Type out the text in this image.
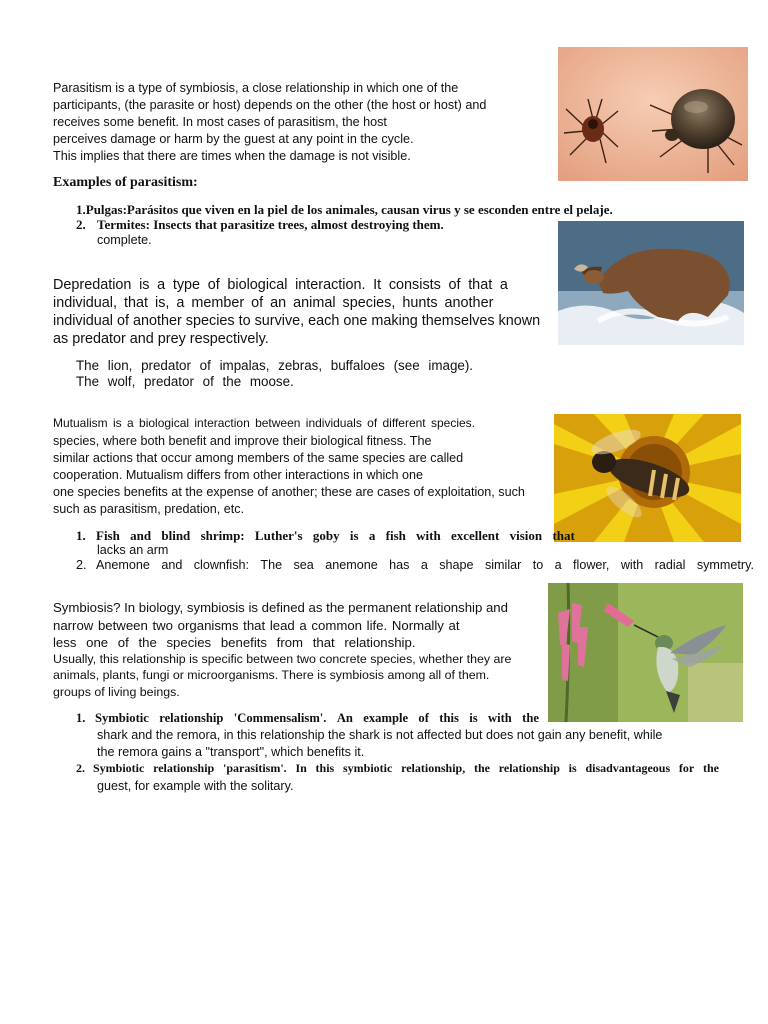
Parasitism is a type of symbiosis, a close relationship in which one of the
participants, (the parasite or host) depends on the other (the host or host) and
receives some benefit. In most cases of parasitism, the host
perceives damage or harm by the guest at any point in the cycle.
This implies that there are times when the damage is not visible.
Examples of parasitism:
1.Pulgas:Parásitos que viven en la piel de los animales, causan virus y se esconden entre el pelaje.
2. Termites: Insects that parasitize trees, almost destroying them.
complete.
Depredation is a type of biological interaction. It consists of that a
individual, that is, a member of an animal species, hunts another
individual of another species to survive, each one making themselves known
as predator and prey respectively.
The lion, predator of impalas, zebras, buffaloes (see image).
The wolf, predator of the moose.
Mutualism is a biological interaction between individuals of different species.
species, where both benefit and improve their biological fitness. The
similar actions that occur among members of the same species are called
cooperation. Mutualism differs from other interactions in which one
one species benefits at the expense of another; these are cases of exploitation, such
such as parasitism, predation, etc.
1. Fish and blind shrimp: Luther's goby is a fish with excellent vision that
lacks an arm
2. Anemone and clownfish: The sea anemone has a shape similar to a flower, with radial symmetry.
Symbiosis? In biology, symbiosis is defined as the permanent relationship and
narrow between two organisms that lead a common life. Normally at
less one of the species benefits from that relationship.
Usually, this relationship is specific between two concrete species, whether they are
animals, plants, fungi or microorganisms. There is symbiosis among all of them.
groups of living beings.
1. Symbiotic relationship 'Commensalism'. An example of this is with the
shark and the remora, in this relationship the shark is not affected but does not gain any benefit, while
the remora gains a "transport", which benefits it.
2. Symbiotic relationship 'parasitism'. In this symbiotic relationship, the relationship is disadvantageous for the
guest, for example with the solitary.
